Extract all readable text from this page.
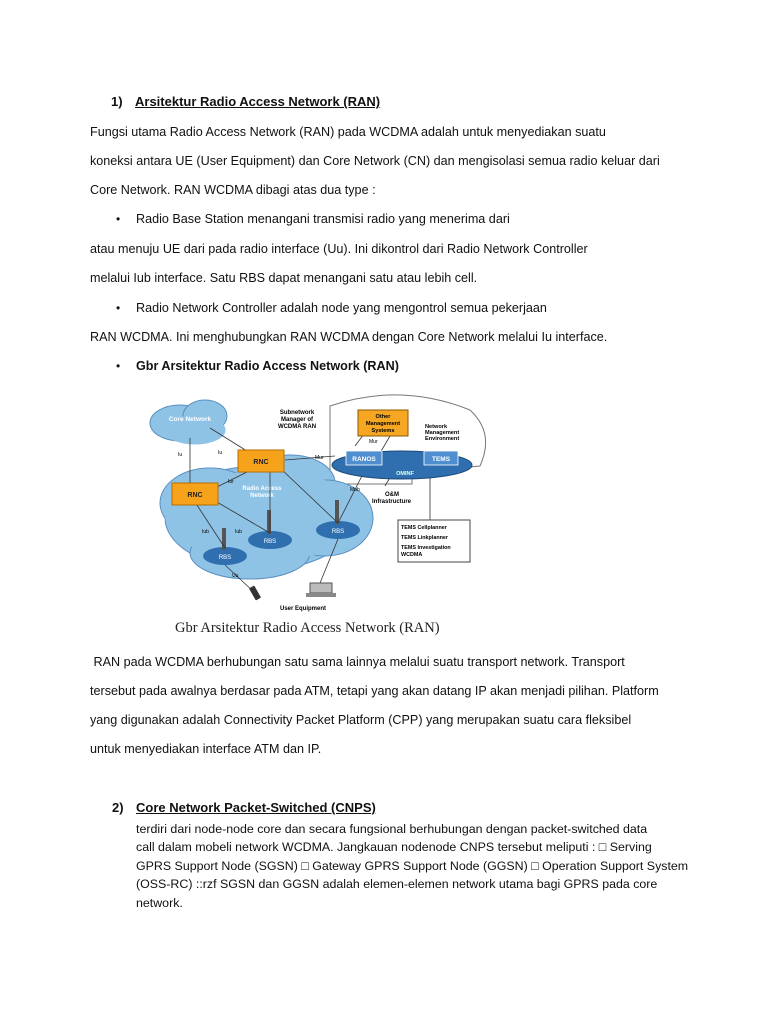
1) Arsitektur Radio Access Network (RAN)
Fungsi utama Radio Access Network (RAN) pada WCDMA adalah untuk menyediakan suatu
koneksi antara UE (User Equipment) dan Core Network (CN) dan mengisolasi semua radio keluar dari
Core Network. RAN WCDMA dibagi atas dua type :
• Radio Base Station menangani transmisi radio yang menerima dari
atau menuju UE dari pada radio interface (Uu). Ini dikontrol dari Radio Network Controller
melalui Iub interface. Satu RBS dapat menangani satu atau lebih cell.
• Radio Network Controller adalah node yang mengontrol semua pekerjaan
RAN WCDMA. Ini menghubungkan RAN WCDMA dengan Core Network melalui Iu interface.
• Gbr Arsitektur Radio Access Network (RAN)
Core Network
Radio Access
Network
RBS
RBS
RBS
RNC
RNC
Subnetwork
Manager of
WCDMA RAN
Other
Management
Systems
Network
Management
Environment
RANOS	TEMS
OMINF
O&M
Infrastructure
Iu	Iu
Iur
Iub	Iub
Uu
Mur
Mur
Mub
TEMS Cellplanner
TEMS Linkplanner
TEMS Investigation
WCDMA
User Equipment
Gbr Arsitektur Radio Access Network (RAN)
RAN pada WCDMA berhubungan satu sama lainnya melalui suatu transport network. Transport
tersebut pada awalnya berdasar pada ATM, tetapi yang akan datang IP akan menjadi pilihan. Platform
yang digunakan adalah Connectivity Packet Platform (CPP) yang merupakan suatu cara fleksibel
untuk menyediakan interface ATM dan IP.
2) Core Network Packet-Switched (CNPS)
terdiri dari node-node core dan secara fungsional berhubungan dengan packet-switched data
call dalam mobeli network WCDMA. Jangkauan nodenode CNPS tersebut meliputi : □ Serving
GPRS Support Node (SGSN) □ Gateway GPRS Support Node (GGSN) □ Operation Support System
(OSS-RC) ::rzf SGSN dan GGSN adalah elemen-elemen network utama bagi GPRS pada core
network.
